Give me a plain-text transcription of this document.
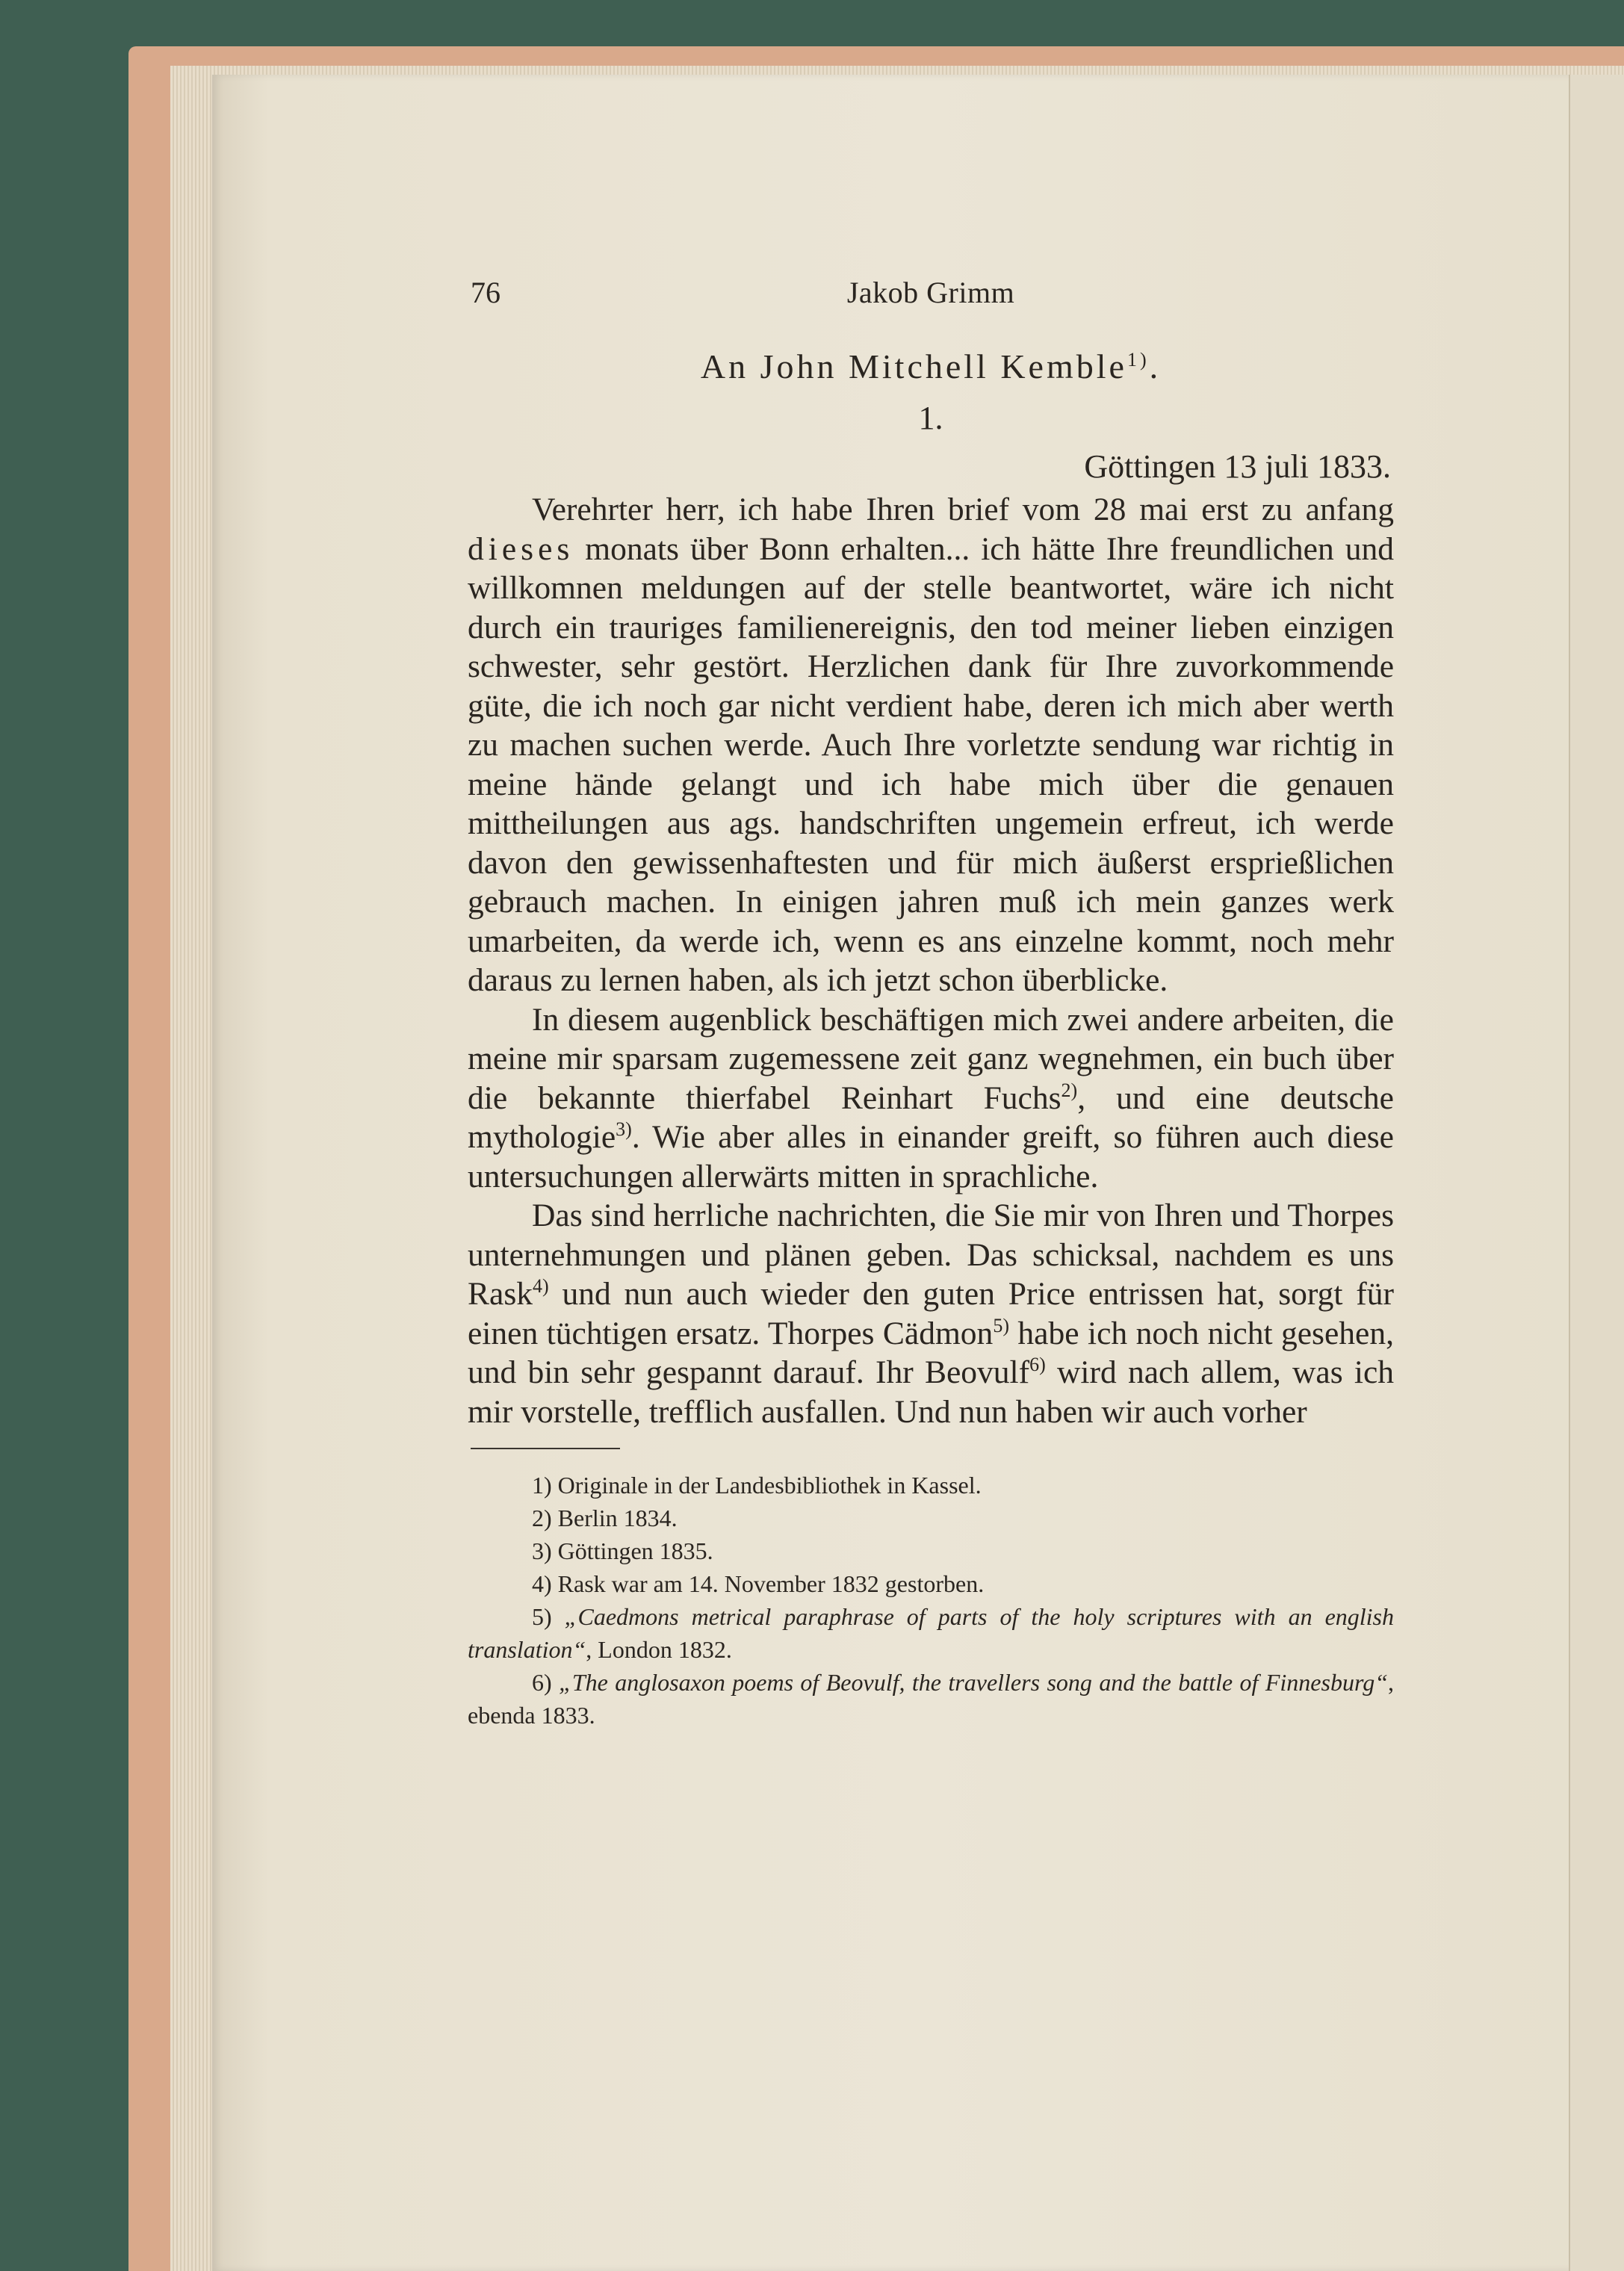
76	Jakob Grimm
An John Mitchell Kemble$^{1)}$.
1.
Göttingen 13 juli 1833.

Verehrter herr, ich habe Ihren brief vom 28 mai erst zu anfang dieses monats über Bonn erhalten... ich hätte Ihre freundlichen und willkomnen meldungen auf der stelle beantwortet, wäre ich nicht durch ein trauriges familienereignis, den tod meiner lieben einzigen schwester, sehr gestört. Herzlichen dank für Ihre zuvorkommende güte, die ich noch gar nicht verdient habe, deren ich mich aber werth zu machen suchen werde. Auch Ihre vorletzte sendung war richtig in meine hände gelangt und ich habe mich über die genauen mittheilungen aus ags. handschriften ungemein erfreut, ich werde davon den gewissenhaftesten und für mich äußerst ersprießlichen gebrauch machen. In einigen jahren muß ich mein ganzes werk umarbeiten, da werde ich, wenn es ans einzelne kommt, noch mehr daraus zu lernen haben, als ich jetzt schon überblicke.

In diesem augenblick beschäftigen mich zwei andere arbeiten, die meine mir sparsam zugemessene zeit ganz wegnehmen, ein buch über die bekannte thierfabel Reinhart Fuchs$^{2)}$, und eine deutsche mythologie$^{3)}$. Wie aber alles in einander greift, so führen auch diese untersuchungen allerwärts mitten in sprachliche.

Das sind herrliche nachrichten, die Sie mir von Ihren und Thorpes unternehmungen und plänen geben. Das schicksal, nachdem es uns Rask$^{4)}$ und nun auch wieder den guten Price entrissen hat, sorgt für einen tüchtigen ersatz. Thorpes Cädmon$^{5)}$ habe ich noch nicht gesehen, und bin sehr gespannt darauf. Ihr Beovulf$^{6)}$ wird nach allem, was ich mir vorstelle, trefflich ausfallen. Und nun haben wir auch vorher

1) Originale in der Landesbibliothek in Kassel.

2) Berlin 1834.

3) Göttingen 1835.

4) Rask war am 14. November 1832 gestorben.

5) „Caedmons metrical paraphrase of parts of the holy scriptures with an english translation“, London 1832.

6) „The anglosaxon poems of Beovulf, the travellers song and the battle of Finnesburg“, ebenda 1833.
